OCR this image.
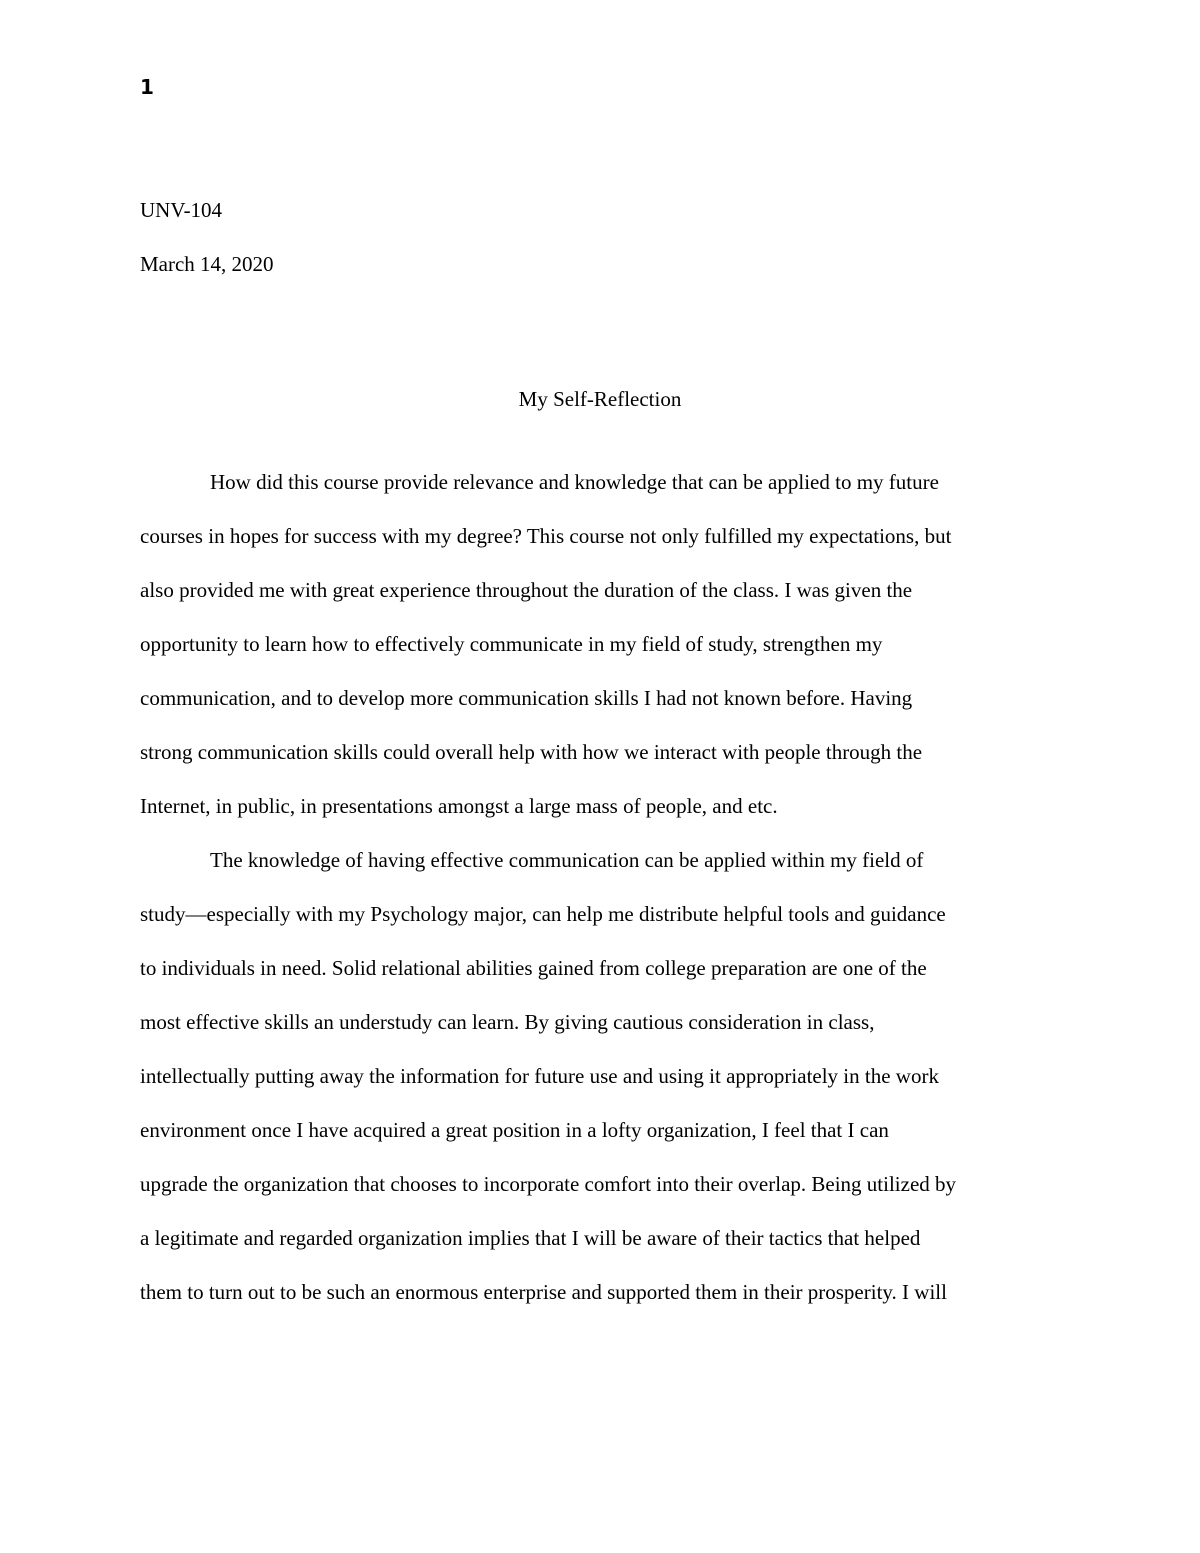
1
UNV-104
March 14, 2020
My Self-Reflection
How did this course provide relevance and knowledge that can be applied to my future
courses in hopes for success with my degree? This course not only fulfilled my expectations, but
also provided me with great experience throughout the duration of the class. I was given the
opportunity to learn how to effectively communicate in my field of study, strengthen my
communication, and to develop more communication skills I had not known before. Having
strong communication skills could overall help with how we interact with people through the
Internet, in public, in presentations amongst a large mass of people, and etc.
The knowledge of having effective communication can be applied within my field of
study—especially with my Psychology major, can help me distribute helpful tools and guidance
to individuals in need. Solid relational abilities gained from college preparation are one of the
most effective skills an understudy can learn. By giving cautious consideration in class,
intellectually putting away the information for future use and using it appropriately in the work
environment once I have acquired a great position in a lofty organization, I feel that I can
upgrade the organization that chooses to incorporate comfort into their overlap. Being utilized by
a legitimate and regarded organization implies that I will be aware of their tactics that helped
them to turn out to be such an enormous enterprise and supported them in their prosperity. I will
